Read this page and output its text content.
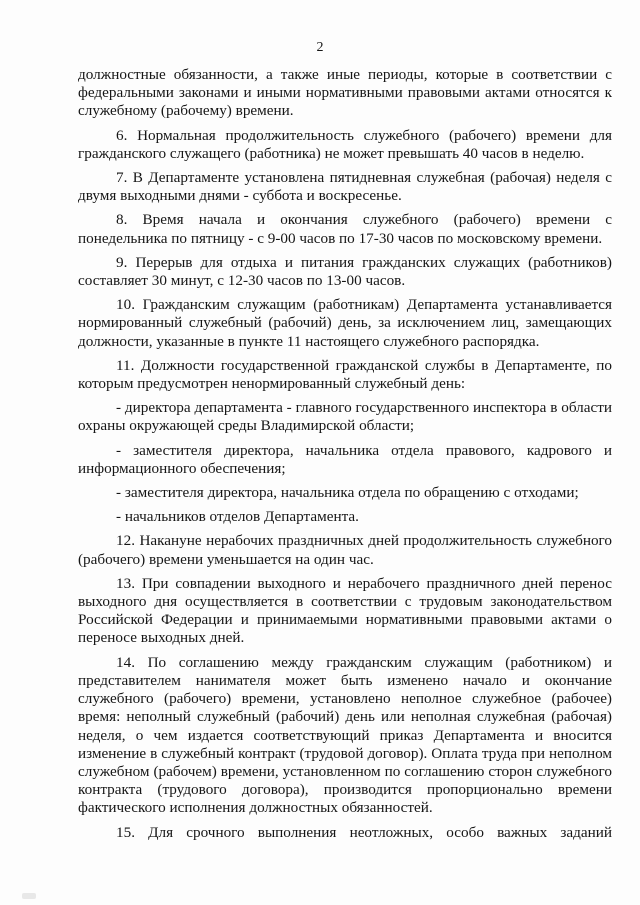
2

должностные обязанности, а также иные периоды, которые в соответствии с федеральными законами и иными нормативными правовыми актами относятся к служебному (рабочему) времени.

6. Нормальная продолжительность служебного (рабочего) времени для гражданского служащего (работника) не может превышать 40 часов в неделю.

7. В Департаменте установлена пятидневная служебная (рабочая) неделя с двумя выходными днями - суббота и воскресенье.

8. Время начала и окончания служебного (рабочего) времени с понедельника по пятницу - с 9-00 часов по 17-30 часов по московскому времени.

9. Перерыв для отдыха и питания гражданских служащих (работников) составляет 30 минут, с 12-30 часов по 13-00 часов.

10. Гражданским служащим (работникам) Департамента устанавливается нормированный служебный (рабочий) день, за исключением лиц, замещающих должности, указанные в пункте 11 настоящего служебного распорядка.

11. Должности государственной гражданской службы в Департаменте, по которым предусмотрен ненормированный служебный день:

- директора департамента - главного государственного инспектора в области охраны окружающей среды Владимирской области;

- заместителя директора, начальника отдела правового, кадрового и информационного обеспечения;

- заместителя директора, начальника отдела по обращению с отходами;

- начальников отделов Департамента.

12. Накануне нерабочих праздничных дней продолжительность служебного (рабочего) времени уменьшается на один час.

13. При совпадении выходного и нерабочего праздничного дней перенос выходного дня осуществляется в соответствии с трудовым законодательством Российской Федерации и принимаемыми нормативными правовыми актами о переносе выходных дней.

14. По соглашению между гражданским служащим (работником) и представителем нанимателя может быть изменено начало и окончание служебного (рабочего) времени, установлено неполное служебное (рабочее) время: неполный служебный (рабочий) день или неполная служебная (рабочая) неделя, о чем издается соответствующий приказ Департамента и вносится изменение в служебный контракт (трудовой договор). Оплата труда при неполном служебном (рабочем) времени, установленном по соглашению сторон служебного контракта (трудового договора), производится пропорционально времени фактического исполнения должностных обязанностей.

15. Для срочного выполнения неотложных, особо важных заданий
